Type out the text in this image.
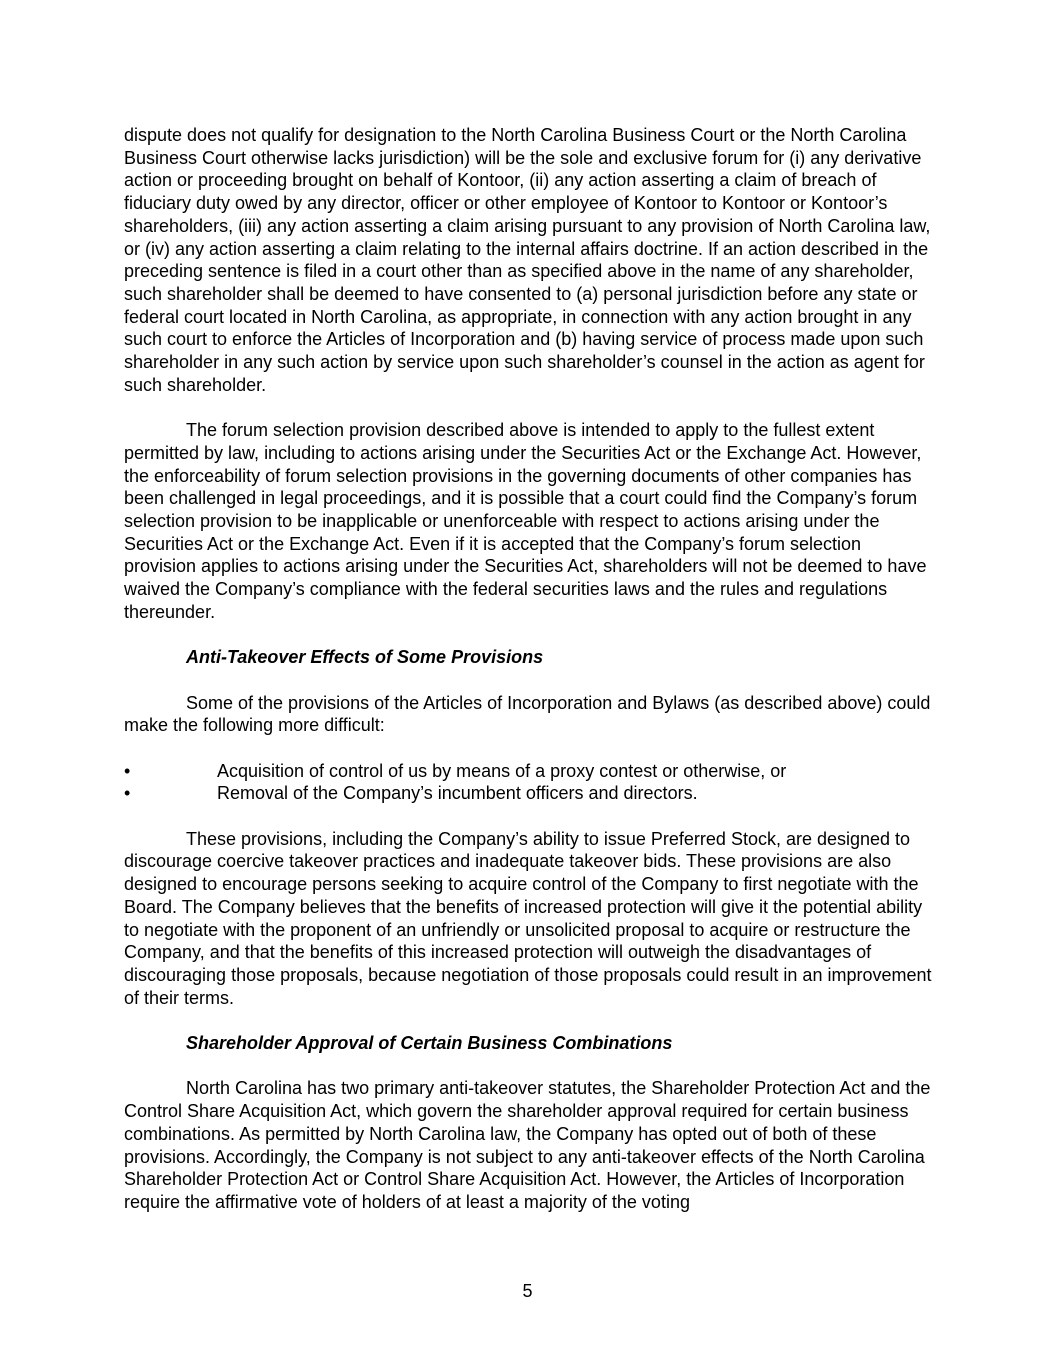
dispute does not qualify for designation to the North Carolina Business Court or the North Carolina Business Court otherwise lacks jurisdiction) will be the sole and exclusive forum for (i) any derivative action or proceeding brought on behalf of Kontoor, (ii) any action asserting a claim of breach of fiduciary duty owed by any director, officer or other employee of Kontoor to Kontoor or Kontoor’s shareholders, (iii) any action asserting a claim arising pursuant to any provision of North Carolina law, or (iv) any action asserting a claim relating to the internal affairs doctrine. If an action described in the preceding sentence is filed in a court other than as specified above in the name of any shareholder, such shareholder shall be deemed to have consented to (a) personal jurisdiction before any state or federal court located in North Carolina, as appropriate, in connection with any action brought in any such court to enforce the Articles of Incorporation and (b) having service of process made upon such shareholder in any such action by service upon such shareholder’s counsel in the action as agent for such shareholder.

The forum selection provision described above is intended to apply to the fullest extent permitted by law, including to actions arising under the Securities Act or the Exchange Act. However, the enforceability of forum selection provisions in the governing documents of other companies has been challenged in legal proceedings, and it is possible that a court could find the Company’s forum selection provision to be inapplicable or unenforceable with respect to actions arising under the Securities Act or the Exchange Act. Even if it is accepted that the Company’s forum selection provision applies to actions arising under the Securities Act, shareholders will not be deemed to have waived the Company’s compliance with the federal securities laws and the rules and regulations thereunder.

Anti-Takeover Effects of Some Provisions

Some of the provisions of the Articles of Incorporation and Bylaws (as described above) could make the following more difficult:

•	Acquisition of control of us by means of a proxy contest or otherwise, or
•	Removal of the Company’s incumbent officers and directors.

These provisions, including the Company’s ability to issue Preferred Stock, are designed to discourage coercive takeover practices and inadequate takeover bids. These provisions are also designed to encourage persons seeking to acquire control of the Company to first negotiate with the Board. The Company believes that the benefits of increased protection will give it the potential ability to negotiate with the proponent of an unfriendly or unsolicited proposal to acquire or restructure the Company, and that the benefits of this increased protection will outweigh the disadvantages of discouraging those proposals, because negotiation of those proposals could result in an improvement of their terms.

Shareholder Approval of Certain Business Combinations

North Carolina has two primary anti-takeover statutes, the Shareholder Protection Act and the Control Share Acquisition Act, which govern the shareholder approval required for certain business combinations. As permitted by North Carolina law, the Company has opted out of both of these provisions. Accordingly, the Company is not subject to any anti-takeover effects of the North Carolina Shareholder Protection Act or Control Share Acquisition Act. However, the Articles of Incorporation require the affirmative vote of holders of at least a majority of the voting

5
